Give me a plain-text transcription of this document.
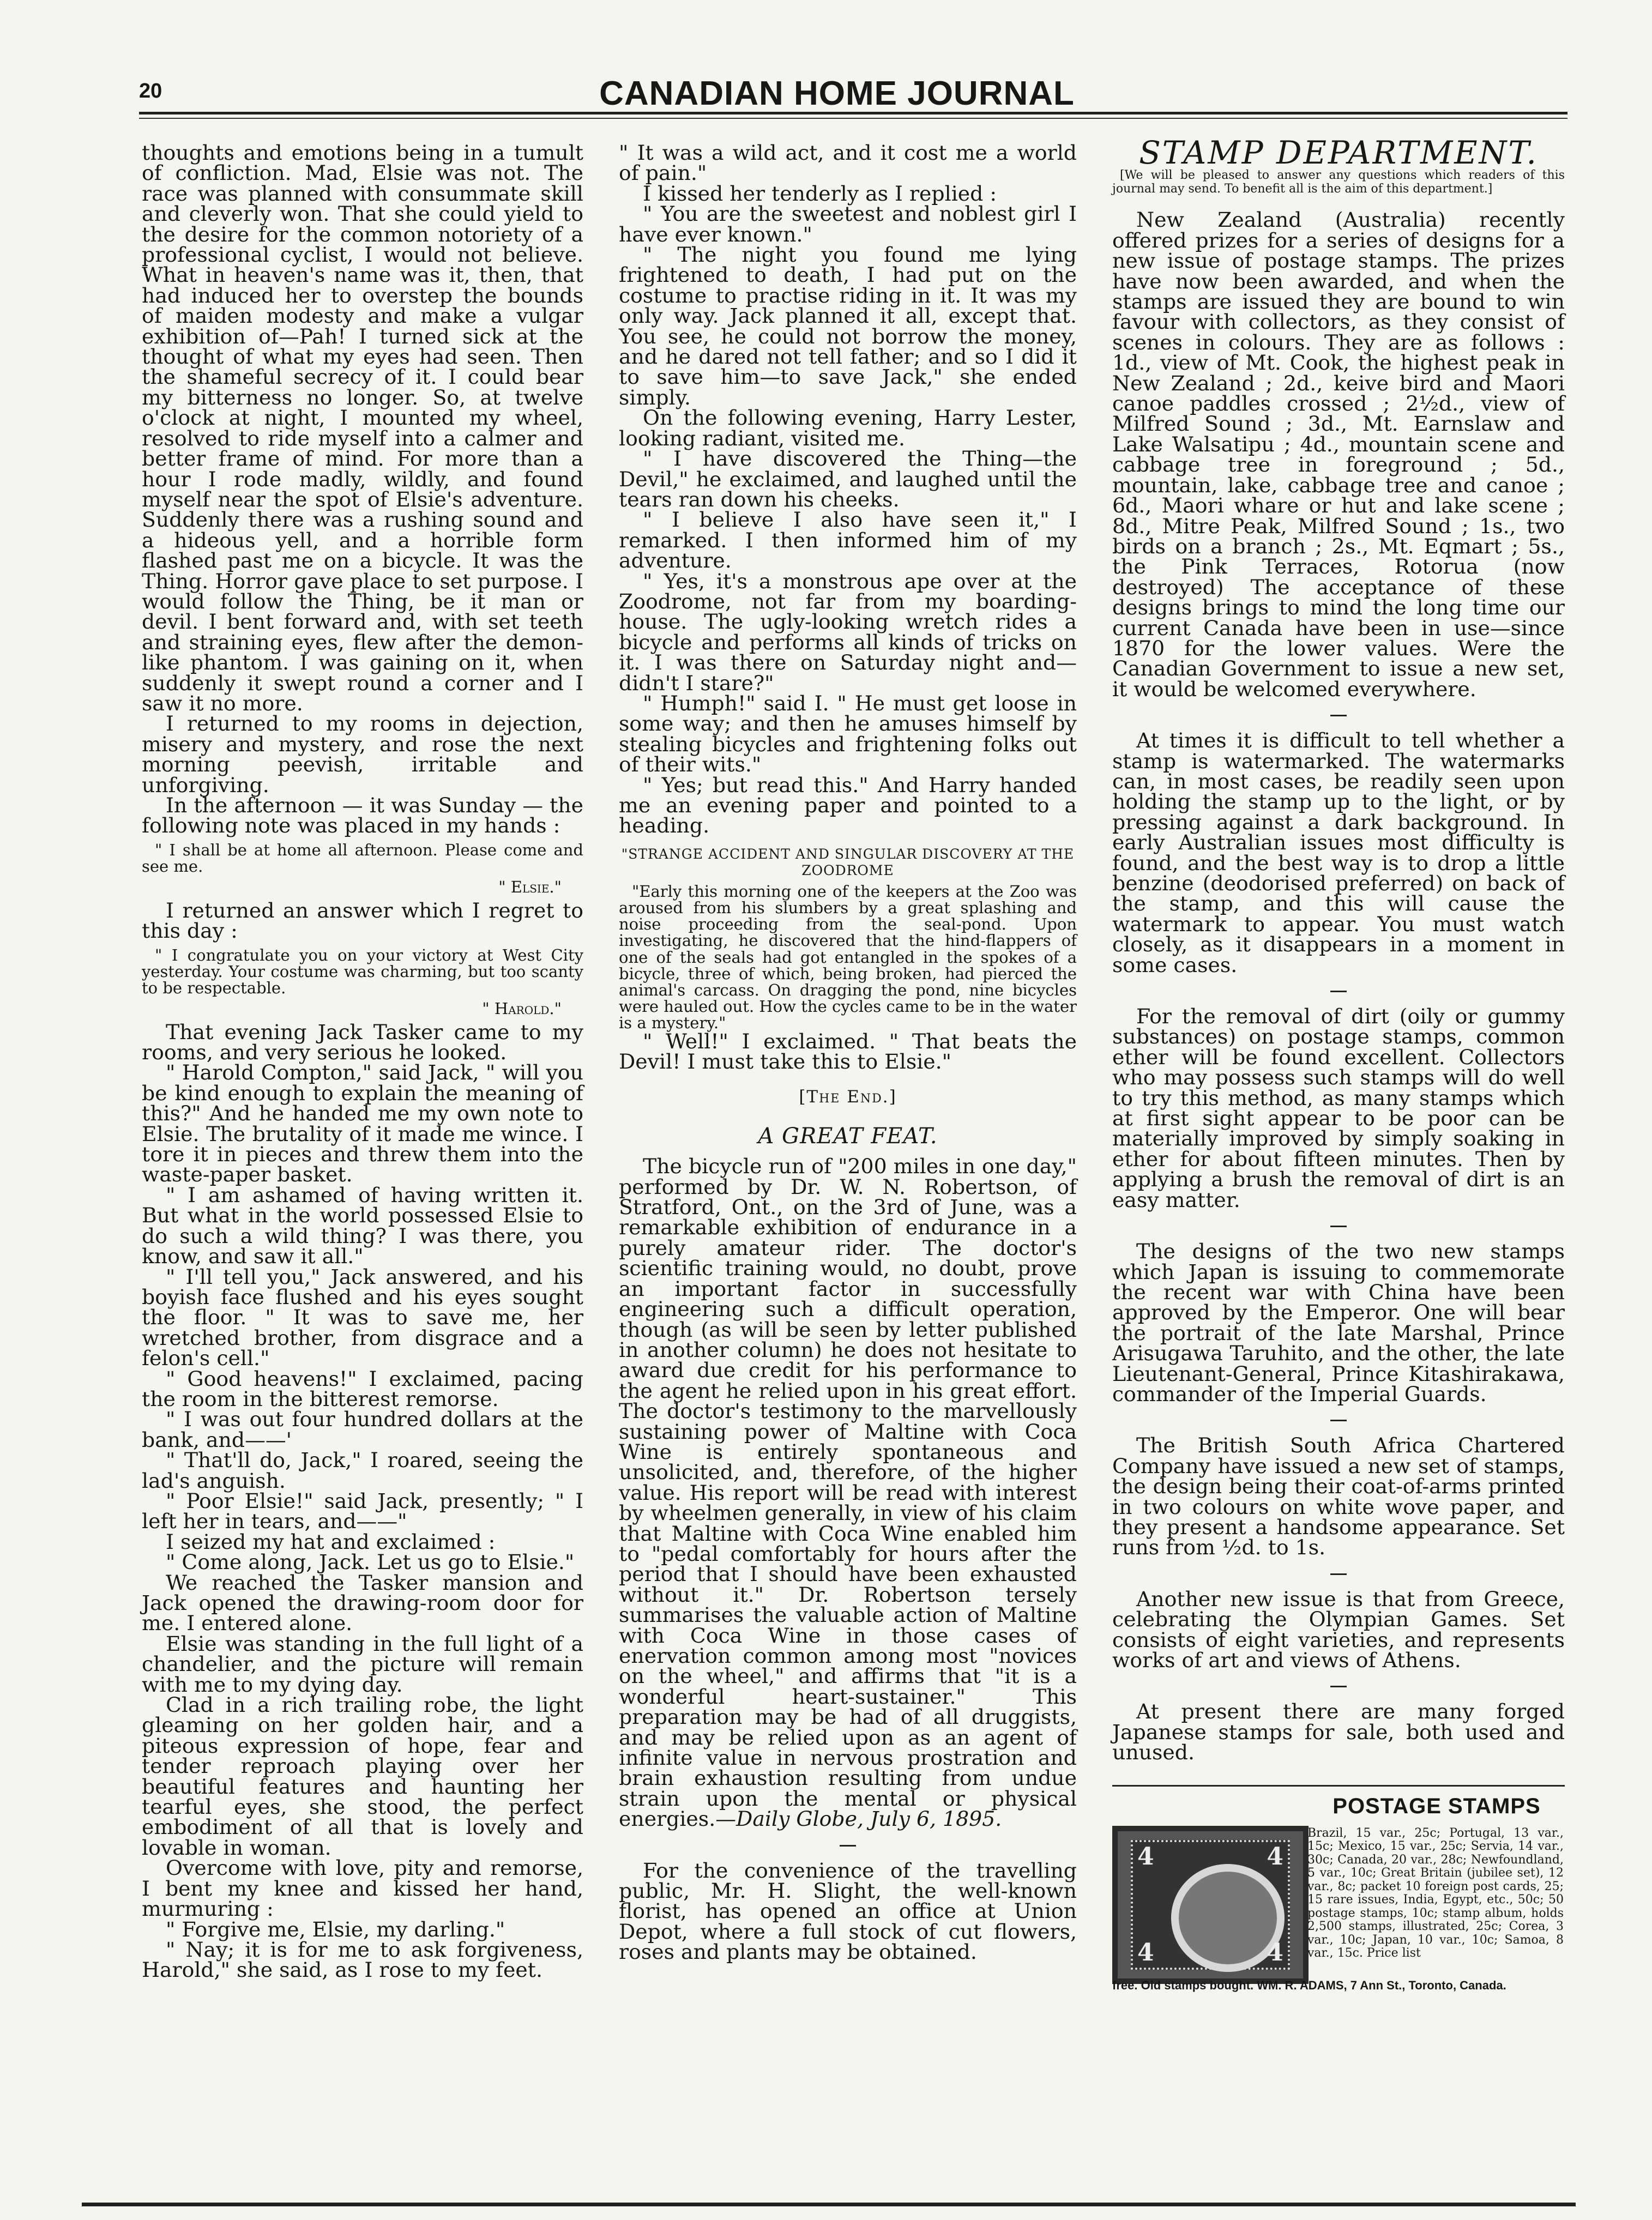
20	CANADIAN HOME JOURNAL

thoughts and emotions being in a tumult of confliction. Mad, Elsie was not. The race was planned with consummate skill and cleverly won. That she could yield to the desire for the common notoriety of a professional cyclist, I would not believe. What in heaven's name was it, then, that had induced her to overstep the bounds of maiden modesty and make a vulgar exhibition of—Pah! I turned sick at the thought of what my eyes had seen. Then the shameful secrecy of it. I could bear my bitterness no longer. So, at twelve o'clock at night, I mounted my wheel, resolved to ride myself into a calmer and better frame of mind. For more than a hour I rode madly, wildly, and found myself near the spot of Elsie's adventure. Suddenly there was a rushing sound and a hideous yell, and a horrible form flashed past me on a bicycle. It was the Thing. Horror gave place to set purpose. I would follow the Thing, be it man or devil. I bent forward and, with set teeth and straining eyes, flew after the demon-like phantom. I was gaining on it, when suddenly it swept round a corner and I saw it no more.

I returned to my rooms in dejection, misery and mystery, and rose the next morning peevish, irritable and unforgiving.

In the afternoon — it was Sunday — the following note was placed in my hands :

" I shall be at home all afternoon. Please come and see me.

" Elsie."

I returned an answer which I regret to this day :

" I congratulate you on your victory at West City yesterday. Your costume was charming, but too scanty to be respectable.

" Harold."

That evening Jack Tasker came to my rooms, and very serious he looked.

" Harold Compton," said Jack, " will you be kind enough to explain the meaning of this?" And he handed me my own note to Elsie. The brutality of it made me wince. I tore it in pieces and threw them into the waste-paper basket.

" I am ashamed of having written it. But what in the world possessed Elsie to do such a wild thing? I was there, you know, and saw it all."

" I'll tell you," Jack answered, and his boyish face flushed and his eyes sought the floor. " It was to save me, her wretched brother, from disgrace and a felon's cell."

" Good heavens!" I exclaimed, pacing the room in the bitterest remorse.

" I was out four hundred dollars at the bank, and——'

" That'll do, Jack," I roared, seeing the lad's anguish.

" Poor Elsie!" said Jack, presently; " I left her in tears, and——"

I seized my hat and exclaimed :

" Come along, Jack. Let us go to Elsie."

We reached the Tasker mansion and Jack opened the drawing-room door for me. I entered alone.

Elsie was standing in the full light of a chandelier, and the picture will remain with me to my dying day.

Clad in a rich trailing robe, the light gleaming on her golden hair, and a piteous expression of hope, fear and tender reproach playing over her beautiful features and haunting her tearful eyes, she stood, the perfect embodiment of all that is lovely and lovable in woman.

Overcome with love, pity and remorse, I bent my knee and kissed her hand, murmuring :

" Forgive me, Elsie, my darling."

" Nay; it is for me to ask forgiveness, Harold," she said, as I rose to my feet.

" It was a wild act, and it cost me a world of pain."

I kissed her tenderly as I replied :

" You are the sweetest and noblest girl I have ever known."

" The night you found me lying frightened to death, I had put on the costume to practise riding in it. It was my only way. Jack planned it all, except that. You see, he could not borrow the money, and he dared not tell father; and so I did it to save him—to save Jack," she ended simply.

On the following evening, Harry Lester, looking radiant, visited me.

" I have discovered the Thing—the Devil," he exclaimed, and laughed until the tears ran down his cheeks.

" I believe I also have seen it," I remarked. I then informed him of my adventure.

" Yes, it's a monstrous ape over at the Zoodrome, not far from my boarding-house. The ugly-looking wretch rides a bicycle and performs all kinds of tricks on it. I was there on Saturday night and—didn't I stare?"

" Humph!" said I. " He must get loose in some way; and then he amuses himself by stealing bicycles and frightening folks out of their wits."

" Yes; but read this." And Harry handed me an evening paper and pointed to a heading.

"STRANGE ACCIDENT AND SINGULAR DISCOVERY AT THE ZOODROME

"Early this morning one of the keepers at the Zoo was aroused from his slumbers by a great splashing and noise proceeding from the seal-pond. Upon investigating, he discovered that the hind-flappers of one of the seals had got entangled in the spokes of a bicycle, three of which, being broken, had pierced the animal's carcass. On dragging the pond, nine bicycles were hauled out. How the cycles came to be in the water is a mystery."

" Well!" I exclaimed. " That beats the Devil! I must take this to Elsie."

[The End.]

A GREAT FEAT.

The bicycle run of "200 miles in one day," performed by Dr. W. N. Robertson, of Stratford, Ont., on the 3rd of June, was a remarkable exhibition of endurance in a purely amateur rider. The doctor's scientific training would, no doubt, prove an important factor in successfully engineering such a difficult operation, though (as will be seen by letter published in another column) he does not hesitate to award due credit for his performance to the agent he relied upon in his great effort. The doctor's testimony to the marvellously sustaining power of Maltine with Coca Wine is entirely spontaneous and unsolicited, and, therefore, of the higher value. His report will be read with interest by wheelmen generally, in view of his claim that Maltine with Coca Wine enabled him to "pedal comfortably for hours after the period that I should have been exhausted without it." Dr. Robertson tersely summarises the valuable action of Maltine with Coca Wine in those cases of enervation common among most "novices on the wheel," and affirms that "it is a wonderful heart-sustainer." This preparation may be had of all druggists, and may be relied upon as an agent of infinite value in nervous prostration and brain exhaustion resulting from undue strain upon the mental or physical energies.—Daily Globe, July 6, 1895.

For the convenience of the travelling public, Mr. H. Slight, the well-known florist, has opened an office at Union Depot, where a full stock of cut flowers, roses and plants may be obtained.

STAMP DEPARTMENT.

[We will be pleased to answer any questions which readers of this journal may send. To benefit all is the aim of this department.]

New Zealand (Australia) recently offered prizes for a series of designs for a new issue of postage stamps. The prizes have now been awarded, and when the stamps are issued they are bound to win favour with collectors, as they consist of scenes in colours. They are as follows : 1d., view of Mt. Cook, the highest peak in New Zealand ; 2d., keive bird and Maori canoe paddles crossed ; 2½d., view of Milfred Sound ; 3d., Mt. Earnslaw and Lake Walsatipu ; 4d., mountain scene and cabbage tree in foreground ; 5d., mountain, lake, cabbage tree and canoe ; 6d., Maori whare or hut and lake scene ; 8d., Mitre Peak, Milfred Sound ; 1s., two birds on a branch ; 2s., Mt. Eqmart ; 5s., the Pink Terraces, Rotorua (now destroyed) The acceptance of these designs brings to mind the long time our current Canada have been in use—since 1870 for the lower values. Were the Canadian Government to issue a new set, it would be welcomed everywhere.

At times it is difficult to tell whether a stamp is watermarked. The watermarks can, in most cases, be readily seen upon holding the stamp up to the light, or by pressing against a dark background. In early Australian issues most difficulty is found, and the best way is to drop a little benzine (deodorised preferred) on back of the stamp, and this will cause the watermark to appear. You must watch closely, as it disappears in a moment in some cases.

For the removal of dirt (oily or gummy substances) on postage stamps, common ether will be found excellent. Collectors who may possess such stamps will do well to try this method, as many stamps which at first sight appear to be poor can be materially improved by simply soaking in ether for about fifteen minutes. Then by applying a brush the removal of dirt is an easy matter.

The designs of the two new stamps which Japan is issuing to commemorate the recent war with China have been approved by the Emperor. One will bear the portrait of the late Marshal, Prince Arisugawa Taruhito, and the other, the late Lieutenant-General, Prince Kitashirakawa, commander of the Imperial Guards.

The British South Africa Chartered Company have issued a new set of stamps, the design being their coat-of-arms printed in two colours on white wove paper, and they present a handsome appearance. Set runs from ½d. to 1s.

Another new issue is that from Greece, celebrating the Olympian Games. Set consists of eight varieties, and represents works of art and views of Athens.

At present there are many forged Japanese stamps for sale, both used and unused.

4	4
4	4
POSTAGE STAMPS
Brazil, 15 var., 25c; Portugal, 13 var., 15c; Mexico, 15 var., 25c; Servia, 14 var., 30c; Canada, 20 var., 28c; Newfoundland, 5 var., 10c; Great Britain (jubilee set), 12 var., 8c; packet 10 foreign post cards, 25; 15 rare issues, India, Egypt, etc., 50c; 50 postage stamps, 10c; stamp album, holds 2,500 stamps, illustrated, 25c; Corea, 3 var., 10c; Japan, 10 var., 10c; Samoa, 8 var., 15c. Price list
free. Old stamps bought. WM. R. ADAMS, 7 Ann St., Toronto, Canada.
